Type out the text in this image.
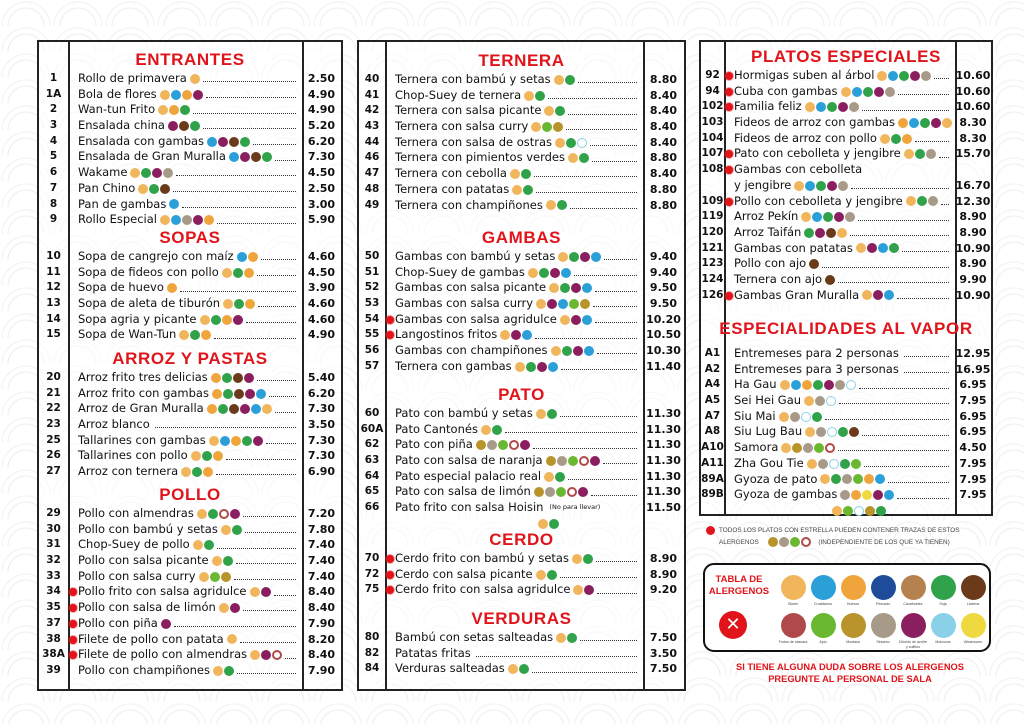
ENTRANTES
1	Rollo de primavera	2.50
1A	Bola de flores	4.90
2	Wan-tun Frito	4.90
3	Ensalada china	5.20
4	Ensalada con gambas	6.20
5	Ensalada de Gran Muralla	7.30
6	Wakame	4.50
7	Pan Chino	2.50
8	Pan de gambas	3.00
9	Rollo Especial	5.90
SOPAS
10	Sopa de cangrejo con maíz	4.60
11	Sopa de fideos con pollo	4.50
12	Sopa de huevo	3.90
13	Sopa de aleta de tiburón	4.60
14	Sopa agria y picante	4.60
15	Sopa de Wan-Tun	4.90
ARROZ Y PASTAS
20	Arroz frito tres delicias	5.40
21	Arroz frito con gambas	6.20
22	Arroz de Gran Muralla	7.30
23	Arroz blanco	3.50
25	Tallarines con gambas	7.30
26	Tallarines con pollo	7.30
27	Arroz con ternera	6.90
POLLO
29	Pollo con almendras	7.20
30	Pollo con bambú y setas	7.80
31	Chop-Suey de pollo	7.40
32	Pollo con salsa picante	7.40
33	Pollo con salsa curry	7.40
34	Pollo frito con salsa agridulce	8.40
35	Pollo con salsa de limón	8.40
37	Pollo con piña	7.90
38	Filete de pollo con patata	8.20
38A Filete de pollo con almendras	8.40
39	Pollo con champiñones	7.90
TERNERA
40	Ternera con bambú y setas	8.80
41	Chop-Suey de ternera	8.40
42	Ternera con salsa picante	8.40
43	Ternera con salsa curry	8.40
44	Ternera con salsa de ostras	8.40
46	Ternera con pimientos verdes	8.80
47	Ternera con cebolla	8.40
48	Ternera con patatas	8.80
49	Ternera con champiñones	8.80
GAMBAS
50	Gambas con bambú y setas	9.40
51	Chop-Suey de gambas	9.40
52	Gambas con salsa picante	9.50
53	Gambas con salsa curry	9.50
54	Gambas con salsa agridulce	10.20
55	Langostinos fritos	10.50
56	Gambas con champiñones	10.30
57	Ternera con gambas	11.40
PATO
60	Pato con bambú y setas	11.30
60A Pato Cantonés	11.30
62	Pato con piña	11.30
63	Pato con salsa de naranja	11.30
64	Pato especial palacio real	11.30
65	Pato con salsa de limón	11.30
66	Pato frito con salsa Hoisin (No para llevar)	11.50
CERDO
70	Cerdo frito con bambú y setas	8.90
72	Cerdo con salsa picante	8.90
75	Cerdo frito con salsa agridulce	9.20
VERDURAS
80	Bambú con setas salteadas	7.50
82	Patatas fritas	3.50
84	Verduras salteadas	7.50
PLATOS ESPECIALES
92	Hormigas suben al árbol	10.60
94	Cuba con gambas	10.60
102 Familia feliz	10.60
103 Fideos de arroz con gambas	8.30
104 Fideos de arroz con pollo	8.30
107 Pato con cebolleta y jengibre	15.70
108 Gambas con cebolleta
y jengibre	16.70
109 Pollo con cebolleta y jengibre	12.30
119 Arroz Pekín	8.90
120 Arroz Taifán	8.90
121 Gambas con patatas	10.90
123 Pollo con ajo	8.90
124 Ternera con ajo	9.90
126 Gambas Gran Muralla	10.90
ESPECIALIDADES AL VAPOR
A1	Entremeses para 2 personas	12.95
A2	Entremeses para 3 personas	16.95
A4	Ha Gau	6.95
A5	Sei Hei Gau	7.95
A7	Siu Mai	6.95
A8	Siu Lug Bau	6.95
A10 Samora	4.50
A11 Zha Gou Tie	7.95
89A Gyoza de pato	7.95
89B Gyoza de gambas	7.95
TODOS LOS PLATOS CON ESTRELLA PUEDEN CONTENER TRAZAS DE ESTOS
ALERGENOS	(INDEPENDIENTE DE LOS QUE YA TIENEN)
TABLA DE ALERGENOS
✕
Gluten	Crustáceos	Huevos	Pescado	Cacahuetes	Soja	Lácteos
Frutos de cáscara	Apio	Mostaza	Sésamo	Dióxido de azufre y sulfitos
Moluscos	Altramuces
SI TIENE ALGUNA DUDA SOBRE LOS ALERGENOS
PREGUNTE AL PERSONAL DE SALA
